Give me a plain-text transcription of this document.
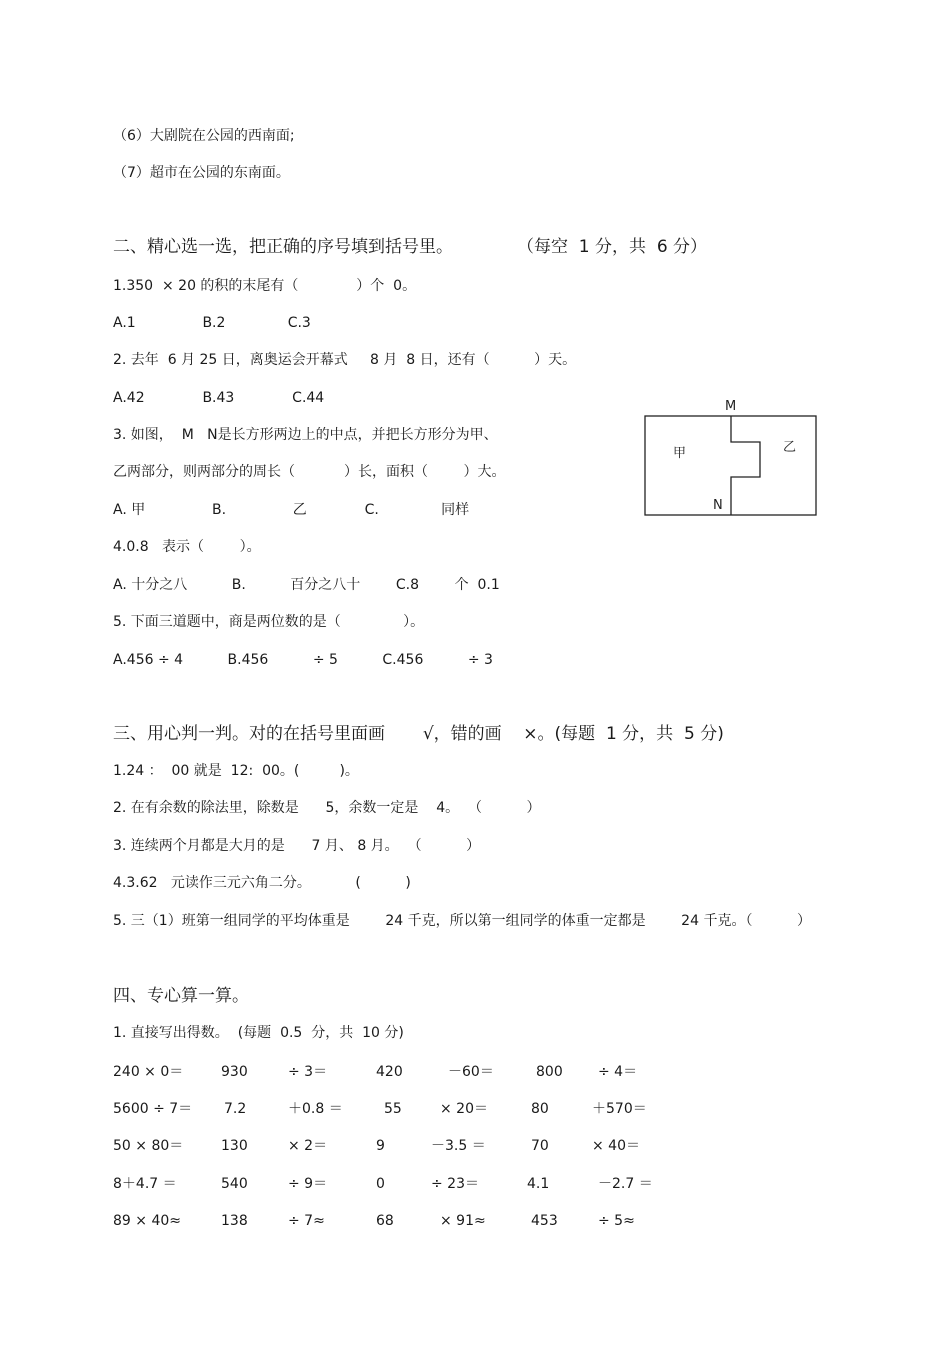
（6）大剧院在公园的西南面;
（7）超市在公园的东南面。
二、精心选一选，把正确的序号填到括号里。	（每空  1 分，共  6 分）
1.350  × 20 的积的末尾有（             ）个  0。
A.1               B.2              C.3
2. 去年  6 月 25 日，离奥运会开幕式     8 月  8 日，还有（          ）天。
A.42             B.43             C.44
3. 如图，  M   N是长方形两边上的中点，并把长方形分为甲、
乙两部分，则两部分的周长（           ）长，面积（        ）大。
A. 甲               B.               乙             C.              同样
4.0.8   表示（        ）。
A. 十分之八          B.          百分之八十        C.8        个  0.1
5. 下面三道题中，商是两位数的是（              ）。
A.456 ÷ 4          B.456          ÷ 5          C.456          ÷ 3
M
N
甲	乙
三、用心判一判。对的在括号里面画       √，错的画    ×。(每题  1 分，共  5 分)
1.24 ：  00 就是  12:  00。(         )。
2. 在有余数的除法里，除数是      5，余数一定是    4。  （          ）
3. 连续两个月都是大月的是      7 月、 8 月。  （          ）
4.3.62   元读作三元六角二分。          (          )
5. 三（1）班第一组同学的平均体重是        24 千克，所以第一组同学的体重一定都是        24 千克。（          ）
四、专心算一算。
1. 直接写出得数。  (每题  0.5  分，共  10 分)
240 × 0＝	930	÷ 3＝	420	－60＝	800	÷ 4＝
5600 ÷ 7＝ 7.2	＋0.8 ＝	55	× 20＝	80	＋570＝
50 × 80＝	130	× 2＝	9	－3.5 ＝	70	× 40＝
8＋4.7 ＝	540	÷ 9＝	0	÷ 23＝	4.1	－2.7 ＝
89 × 40≈	138	÷ 7≈	68	× 91≈	453	÷ 5≈
